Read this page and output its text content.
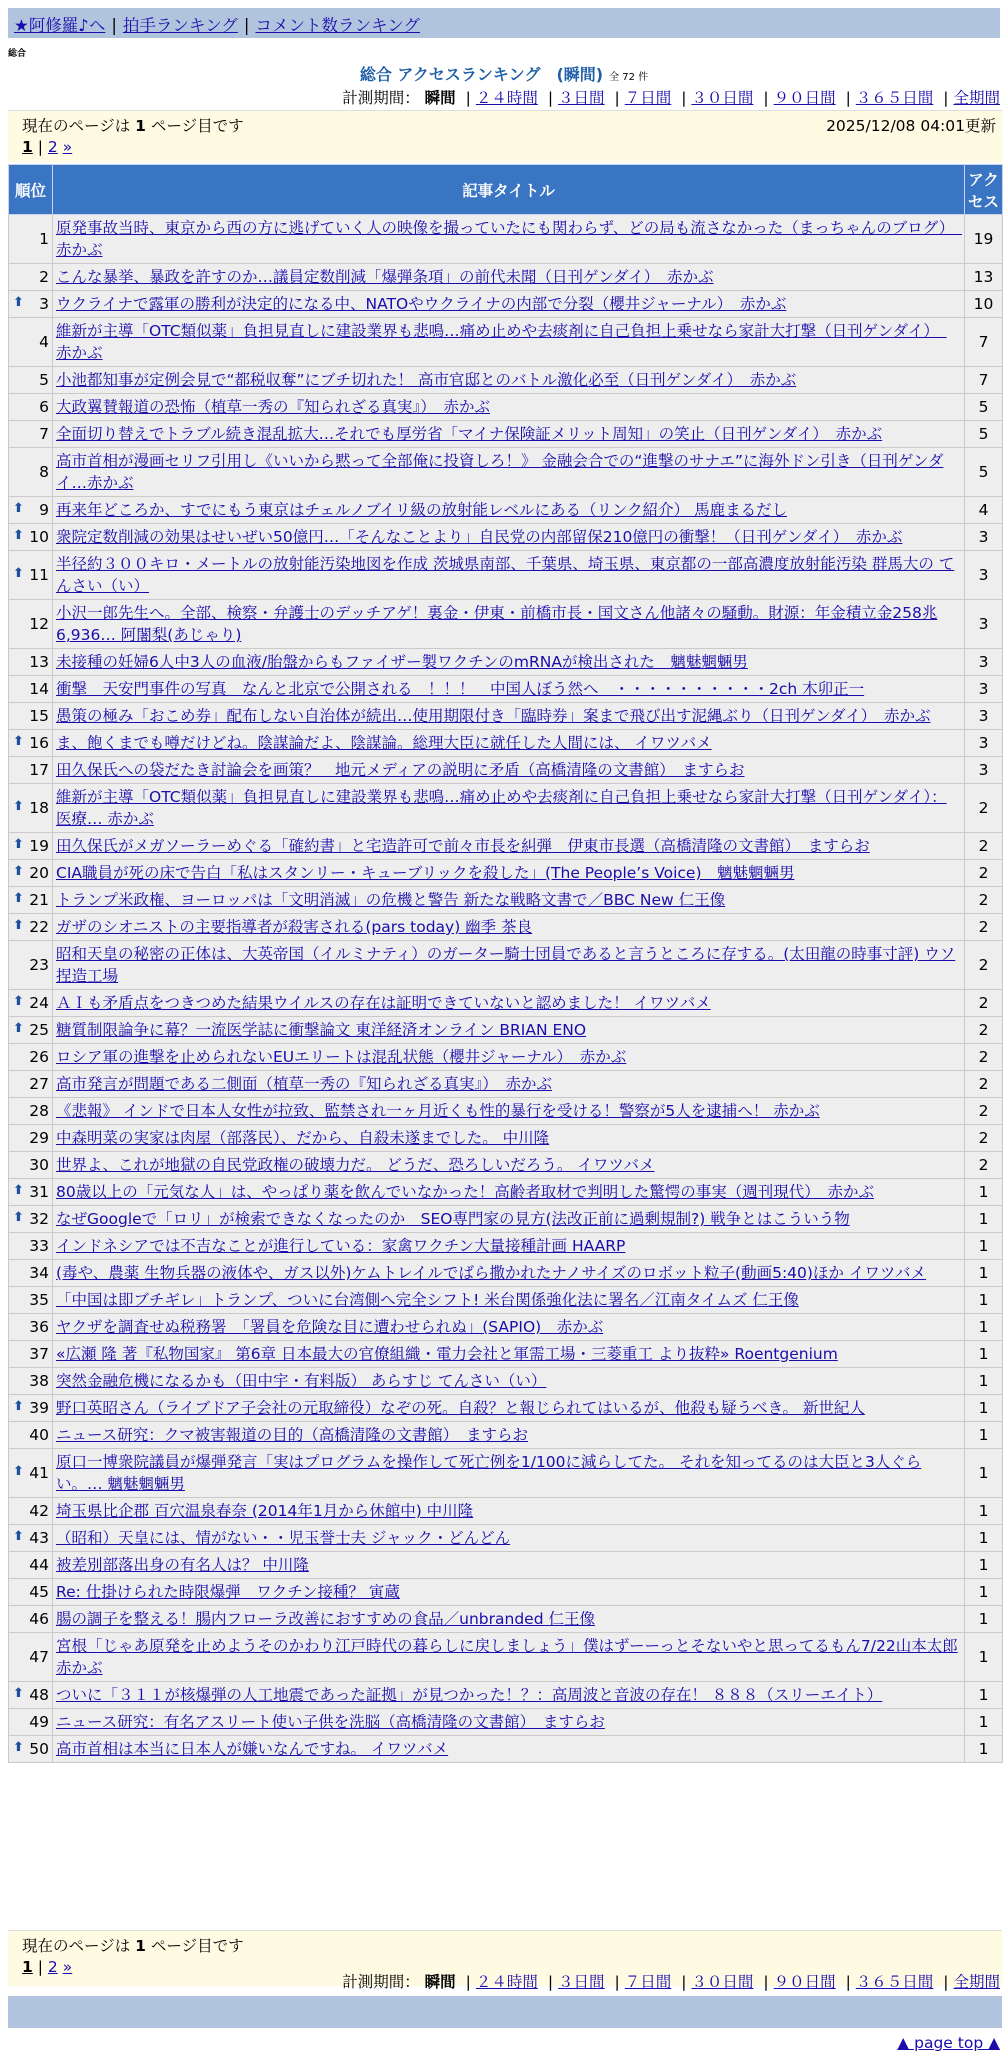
★阿修羅♪へ | 拍手ランキング | コメント数ランキング
総合
総合 アクセスランキング　(瞬間) 全 72 件
計測期間： 瞬間 | ２４時間 | ３日間 | ７日間 | ３０日間 | ９０日間 | ３６５日間 | 全期間
現在のページは 1 ページ目です	2025/12/08 04:01更新
1 | 2 »
順位	記事タイトル	アクセス
1	原発事故当時、東京から西の方に逃げていく人の映像を撮っていたにも関わらず、どの局も流さなかった（まっちゃんのブログ）　赤かぶ	19
2	こんな暴挙、暴政を許すのか…議員定数削減「爆弾条項」の前代未聞（日刊ゲンダイ）　赤かぶ	13

⬆ 3	ウクライナで露軍の勝利が決定的になる中、NATOやウクライナの内部で分裂（櫻井ジャーナル）　赤かぶ	10
4	維新が主導「OTC類似薬」負担見直しに建設業界も悲鳴…痛め止めや去痰剤に自己負担上乗せなら家計大打撃（日刊ゲンダイ）　赤かぶ	7
5	小池都知事が定例会見で“都税収奪”にブチ切れた！ 高市官邸とのバトル激化必至（日刊ゲンダイ）　赤かぶ	7
6	大政翼賛報道の恐怖（植草一秀の『知られざる真実』）　赤かぶ	5
7	全面切り替えでトラブル続き混乱拡大…それでも厚労省「マイナ保険証メリット周知」の笑止（日刊ゲンダイ）　赤かぶ	5
8	高市首相が漫画セリフ引用し《いいから黙って全部俺に投資しろ！》 金融会合での“進撃のサナエ”に海外ドン引き（日刊ゲンダイ…赤かぶ	5

⬆ 9	再来年どころか、すでにもう東京はチェルノブイリ級の放射能レベルにある（リンク紹介） 馬鹿まるだし	4

⬆ 10	衆院定数削減の効果はせいぜい50億円…「そんなことより」自民党の内部留保210億円の衝撃！（日刊ゲンダイ）　赤かぶ	3

⬆ 11	半径約３００キロ・メートルの放射能汚染地図を作成 茨城県南部、千葉県、埼玉県、東京都の一部高濃度放射能汚染 群馬大の てんさい（い）	3
12	小沢一郎先生へ。全部、検察・弁護士のデッチアゲ！裏金・伊東・前橋市長・国文さん他諸々の騒動。財源：年金積立金258兆6,936… 阿闍梨(あじゃり)	3
13	未接種の妊婦6人中3人の血液/胎盤からもファイザー製ワクチンのmRNAが検出された　魑魅魍魎男	3
14	衝撃　天安門事件の写真　なんと北京で公開される　！！！　中国人ぼう然へ　・・・・・・・・・・2ch 木卯正一	3
15	愚策の極み「おこめ券」配布しない自治体が続出…使用期限付き「臨時券」案まで飛び出す泥縄ぶり（日刊ゲンダイ）　赤かぶ	3

⬆ 16	ま、飽くまでも噂だけどね。陰謀論だよ、陰謀論。総理大臣に就任した人間には、 イワツバメ	3
17	田久保氏への袋だたき討論会を画策？　地元メディアの説明に矛盾（高橋清隆の文書館）　ますらお	3

⬆ 18	維新が主導「OTC類似薬」負担見直しに建設業界も悲鳴…痛め止めや去痰剤に自己負担上乗せなら家計大打撃（日刊ゲンダイ）：医療… 赤かぶ	2

⬆ 19	田久保氏がメガソーラーめぐる「確約書」と宅造許可で前々市長を糾弾　伊東市長選（高橋清隆の文書館）　ますらお	2

⬆ 20	CIA職員が死の床で告白「私はスタンリー・キューブリックを殺した」(The People’s Voice)　魑魅魍魎男	2

⬆ 21	トランプ米政権、ヨーロッパは「文明消滅」の危機と警告 新たな戦略文書で／BBC New 仁王像	2

⬆ 22	ガザのシオニストの主要指導者が殺害される(pars today) 幽季 茶良	2
23	昭和天皇の秘密の正体は、大英帝国（イルミナティ）のガーター騎士団員であると言うところに存する。(太田龍の時事寸評) ウソ捏造工場	2

⬆ 24	ＡＩも矛盾点をつきつめた結果ウイルスの存在は証明できていないと認めました！ イワツバメ	2

⬆ 25	糖質制限論争に幕？一流医学誌に衝撃論文 東洋経済オンライン BRIAN ENO	2
26	ロシア軍の進撃を止められないEUエリートは混乱状態（櫻井ジャーナル）　赤かぶ	2
27	高市発言が問題である二側面（植草一秀の『知られざる真実』）　赤かぶ	2
28	《悲報》 インドで日本人女性が拉致、監禁され一ヶ月近くも性的暴行を受ける！警察が5人を逮捕へ！ 赤かぶ	2
29	中森明菜の実家は肉屋（部落民）、だから、自殺未遂までした。 中川隆	2
30	世界よ、これが地獄の自民党政権の破壊力だ。 どうだ、恐ろしいだろう。 イワツバメ	2

⬆ 31	80歳以上の「元気な人」は、やっぱり薬を飲んでいなかった！高齢者取材で判明した驚愕の事実（週刊現代）　赤かぶ	1

⬆ 32	なぜGoogleで「ロリ」が検索できなくなったのか　SEO専門家の見方(法改正前に過剰規制?) 戦争とはこういう物	1
33	インドネシアでは不吉なことが進行している：家禽ワクチン大量接種計画 HAARP	1
34	(毒や、農薬 生物兵器の液体や、ガス以外)ケムトレイルでばら撒かれたナノサイズのロボット粒子(動画5:40)ほか イワツバメ	1
35	「中国は即ブチギレ」トランプ、ついに台湾側へ完全シフト! 米台関係強化法に署名／江南タイムズ 仁王像	1
36	ヤクザを調査せぬ税務署　「署員を危険な目に遭わせられぬ」(SAPIO)　赤かぶ	1
37	«広瀬 隆 著『私物国家』 第6章 日本最大の官僚組織・電力会社と軍需工場・三菱重工 より抜粋» Roentgenium	1
38	突然金融危機になるかも（田中宇・有料版） あらすじ てんさい（い）	1

⬆ 39	野口英昭さん（ライブドア子会社の元取締役）なぞの死。自殺？と報じられてはいるが、他殺も疑うべき。 新世紀人	1
40	ニュース研究：クマ被害報道の目的（高橋清隆の文書館）　ますらお	1

⬆ 41	原口一博衆院議員が爆弾発言「実はプログラムを操作して死亡例を1/100に減らしてた。 それを知ってるのは大臣と3人ぐらい。… 魑魅魍魎男	1
42	埼玉県比企郡 百穴温泉春奈 (2014年1月から休館中) 中川隆	1

⬆ 43	（昭和）天皇には、情がない・・児玉誉士夫 ジャック・どんどん	1
44	被差別部落出身の有名人は？ 中川隆	1
45	Re: 仕掛けられた時限爆弾　ワクチン接種？ 寅蔵	1
46	腸の調子を整える！腸内フローラ改善におすすめの食品／unbranded 仁王像	1
47	宮根「じゃあ原発を止めようそのかわり江戸時代の暮らしに戻しましょう」僕はずーーっとそないやと思ってるもん7/22山本太郎 赤かぶ	1

⬆ 48	ついに「３１１が核爆弾の人工地震であった証拠」が見つかった！？：高周波と音波の存在！ ８８８（スリーエイト）	1
49	ニュース研究：有名アスリート使い子供を洗脳（高橋清隆の文書館）　ますらお	1

⬆ 50	高市首相は本当に日本人が嫌いなんですね。 イワツバメ	1
現在のページは 1 ページ目です
1 | 2 »
計測期間： 瞬間 | ２４時間 | ３日間 | ７日間 | ３０日間 | ９０日間 | ３６５日間 | 全期間
▲ page top ▲
